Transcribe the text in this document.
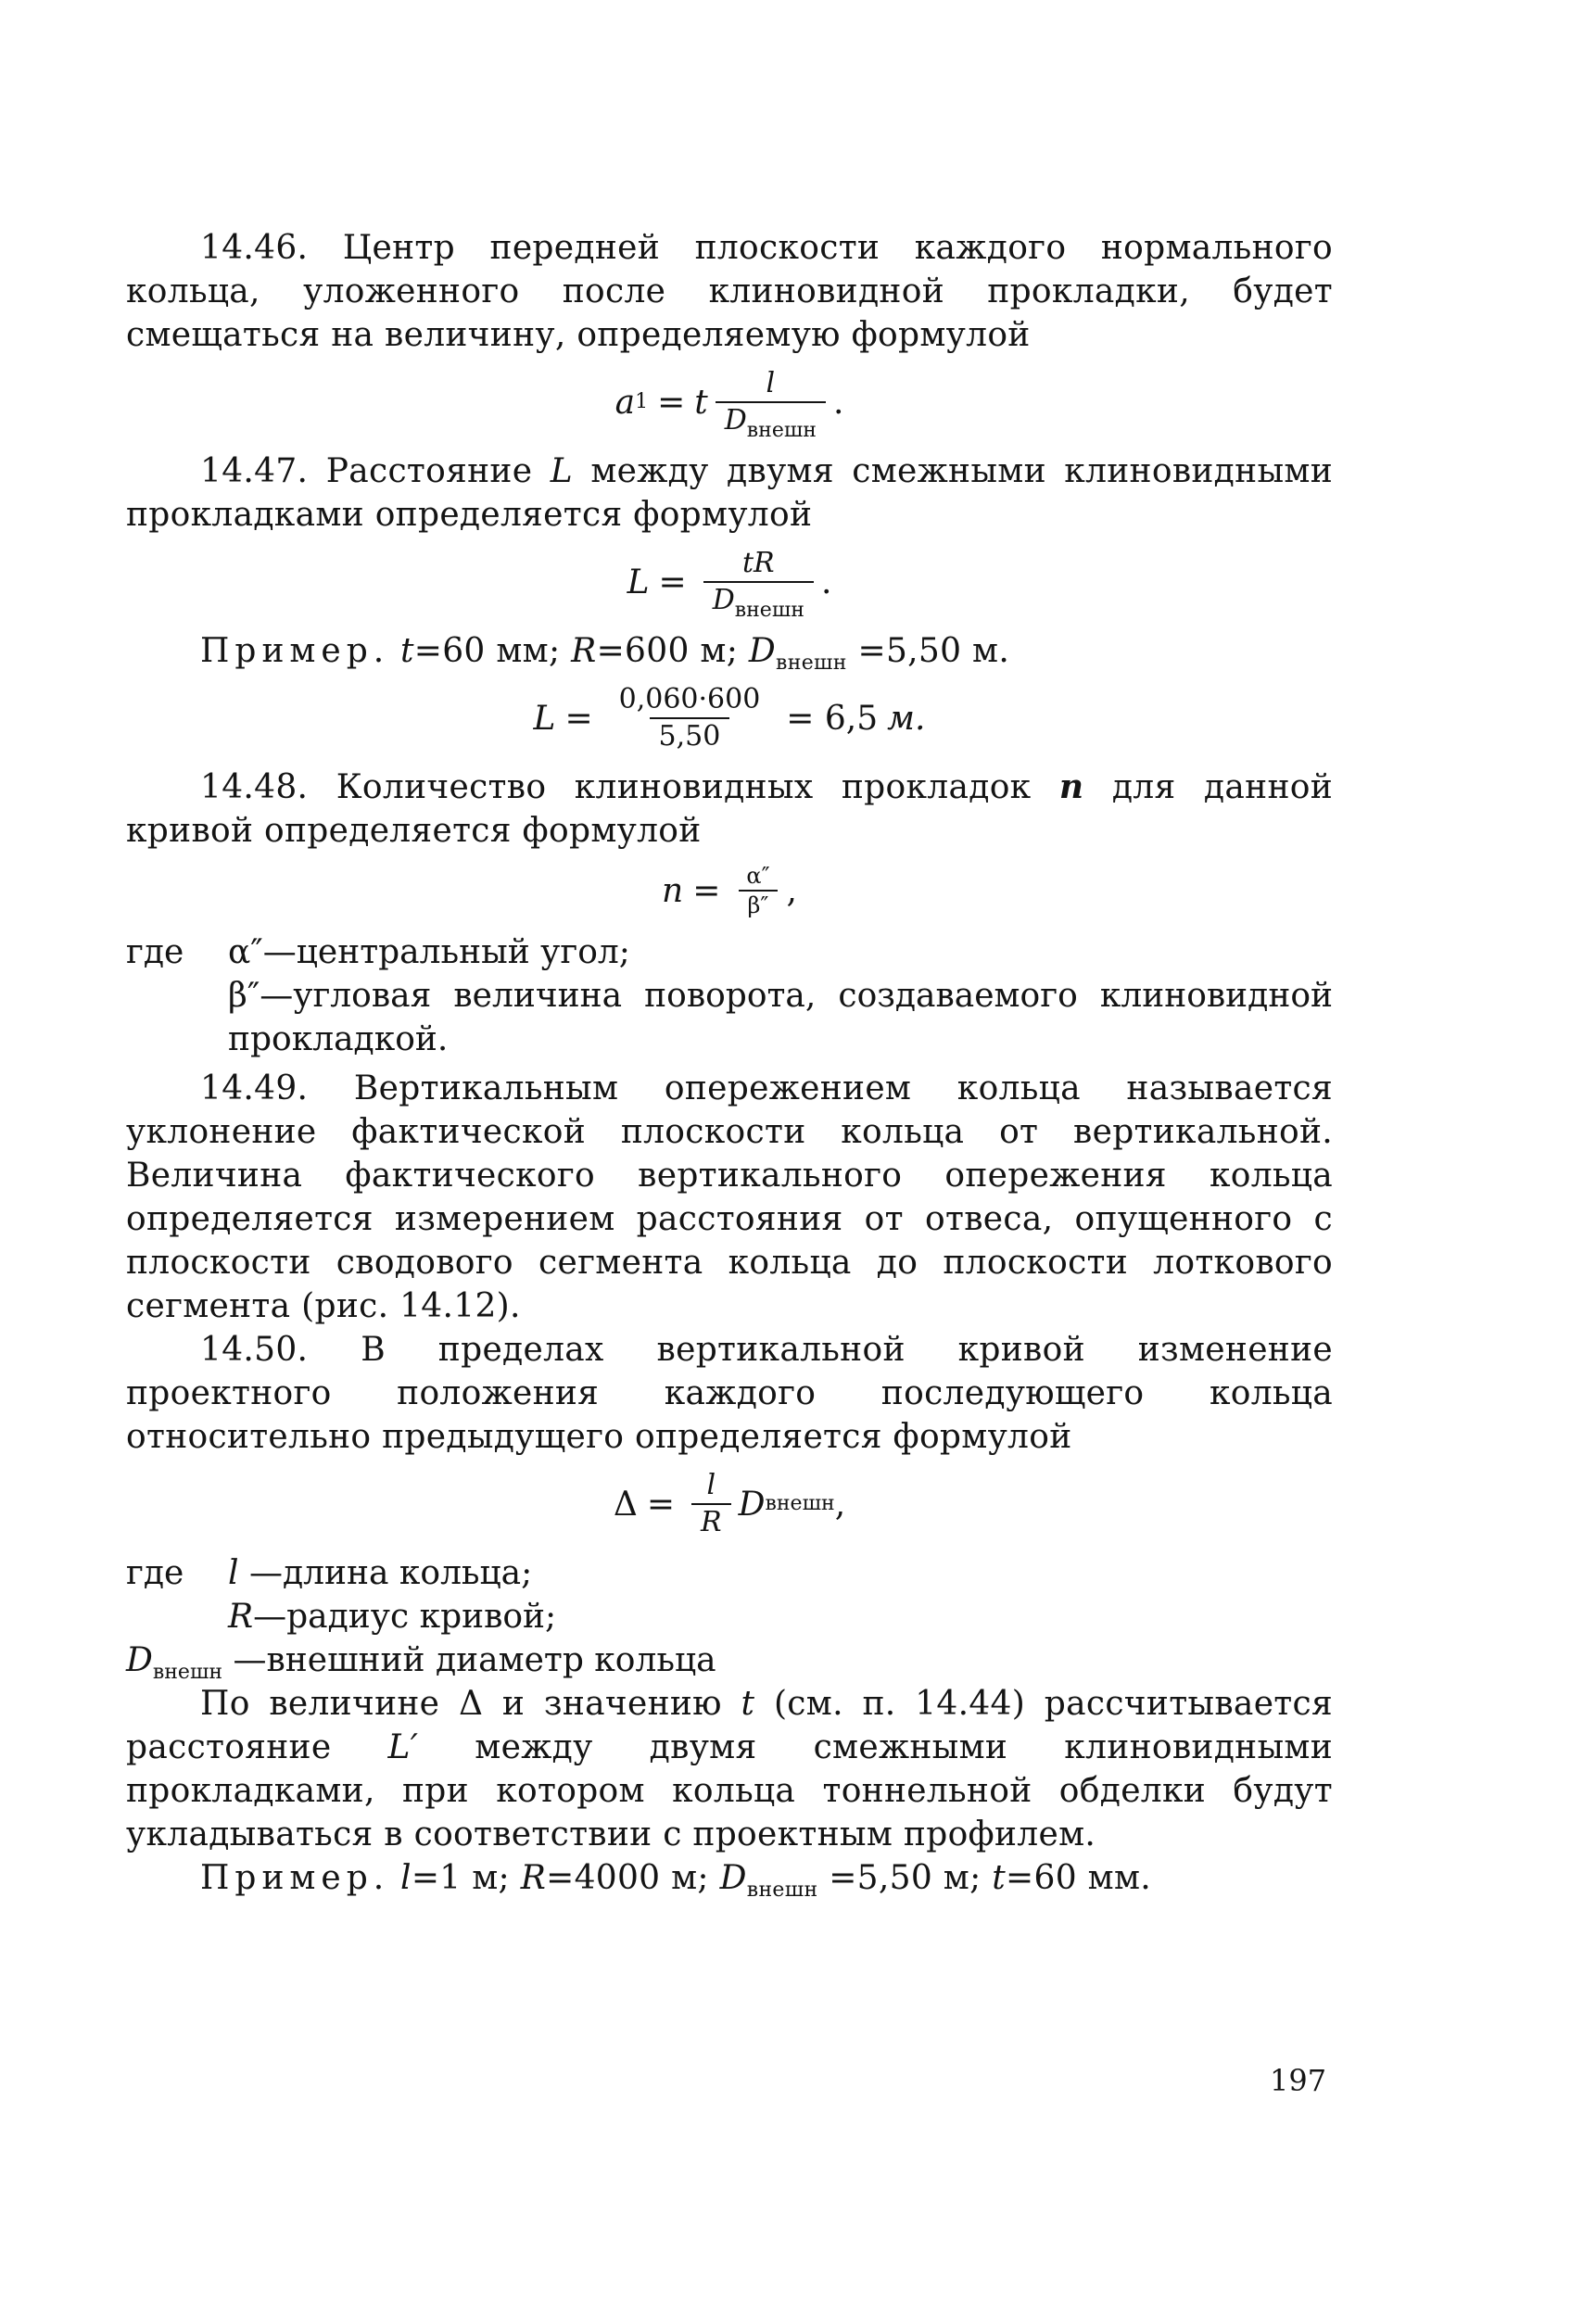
14.46. Центр передней плоскости каждого нормального кольца, уложенного после клиновидной прокладки, будет смещаться на величину, определяемую формулой

a 1 = t $\frac{l}{D_{внешн}}$ .

14.47. Расстояние L между двумя смежными клиновидными прокладками определяется формулой

$L = \frac{tR}{D_{внешн}}$ .

Пример. t=60 мм; R=600 м; $D_{внешн} =5,50$ м.

$L = \frac{0,060\cdot 600}{5,50} = 6,5$ м.

14.48. Количество клиновидных прокладок n для данной кривой определяется формулой

$n = \frac{\alpha''}{\beta''}$ ,
где	α″—центральный угол;
β″—угловая величина поворота, создаваемого клиновидной прокладкой.

14.49. Вертикальным опережением кольца называется уклонение фактической плоскости кольца от вертикальной. Величина фактического вертикального опережения кольца определяется измерением расстояния от отвеса, опущенного с плоскости сводового сегмента кольца до плоскости лоткового сегмента (рис. 14.12).

14.50. В пределах вертикальной кривой изменение проектного положения каждого последующего кольца относительно предыдущего определяется формулой

$\Delta = \frac{l}{R}$ D внешн ,
где	l —длина кольца;
R—радиус кривой;
$D_{внешн}$ —внешний диаметр кольца

По величине Δ и значению t (см. п. 14.44) рассчитывается расстояние L′ между двумя смежными клиновидными прокладками, при котором кольца тоннельной обделки будут укладываться в соответствии с проектным профилем.

Пример. l=1 м; R=4000 м; $D_{внешн} =5,50$ м; t=60 мм.

197
